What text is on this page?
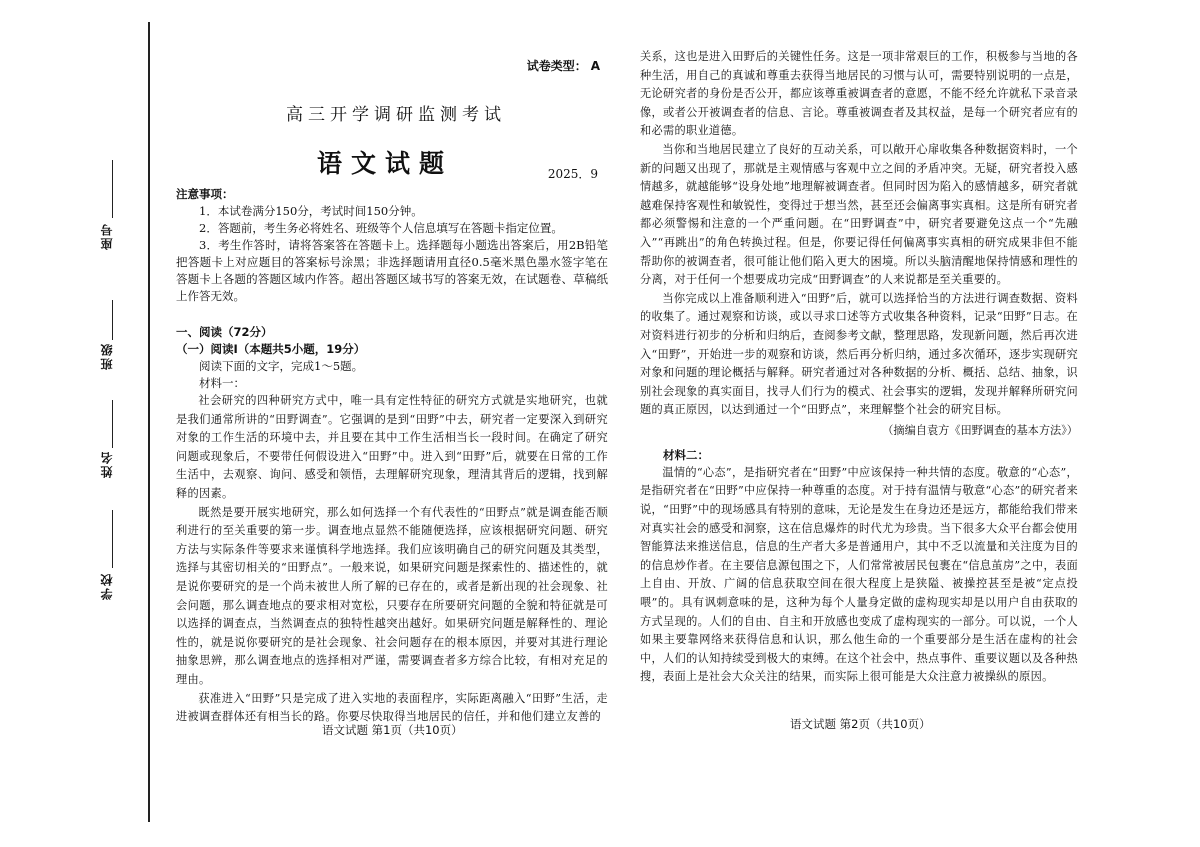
座号
班级
姓名
学校
试卷类型： A
高三开学调研监测考试
语文试题	2025．9
注意事项：

1．本试卷满分150分，考试时间150分钟。

2．答题前，考生务必将姓名、班级等个人信息填写在答题卡指定位置。

3．考生作答时，请将答案答在答题卡上。选择题每小题选出答案后，用2B铅笔把答题卡上对应题目的答案标号涂黑；非选择题请用直径0.5毫米黑色墨水签字笔在答题卡上各题的答题区域内作答。超出答题区域书写的答案无效，在试题卷、草稿纸上作答无效。

一、阅读（72分）
（一）阅读Ⅰ（本题共5小题，19分）
阅读下面的文字，完成1～5题。
材料一：

社会研究的四种研究方式中，唯一具有定性特征的研究方式就是实地研究，也就是我们通常所讲的“田野调查”。它强调的是到“田野”中去，研究者一定要深入到研究对象的工作生活的环境中去，并且要在其中工作生活相当长一段时间。在确定了研究问题或现象后，不要带任何假设进入“田野”中。进入到“田野”后，就要在日常的工作生活中，去观察、询问、感受和领悟，去理解研究现象，理清其背后的逻辑，找到解释的因素。

既然是要开展实地研究，那么如何选择一个有代表性的“田野点”就是调查能否顺利进行的至关重要的第一步。调查地点显然不能随便选择，应该根据研究问题、研究方法与实际条件等要求来谨慎科学地选择。我们应该明确自己的研究问题及其类型，选择与其密切相关的“田野点”。一般来说，如果研究问题是探索性的、描述性的，就是说你要研究的是一个尚未被世人所了解的已存在的，或者是新出现的社会现象、社会问题，那么调查地点的要求相对宽松，只要存在所要研究问题的全貌和特征就是可以选择的调查点，当然调查点的独特性越突出越好。如果研究问题是解释性的、理论性的，就是说你要研究的是社会现象、社会问题存在的根本原因，并要对其进行理论抽象思辨，那么调查地点的选择相对严谨，需要调查者多方综合比较，有相对充足的理由。

获准进入“田野”只是完成了进入实地的表面程序，实际距离融入“田野”生活，走进被调查群体还有相当长的路。你要尽快取得当地居民的信任，并和他们建立友善的

关系，这也是进入田野后的关键性任务。这是一项非常艰巨的工作，积极参与当地的各种生活，用自己的真诚和尊重去获得当地居民的习惯与认可，需要特别说明的一点是，无论研究者的身份是否公开，都应该尊重被调查者的意愿，不能不经允许就私下录音录像，或者公开被调查者的信息、言论。尊重被调查者及其权益，是每一个研究者应有的和必需的职业道德。

当你和当地居民建立了良好的互动关系，可以敞开心扉收集各种数据资料时，一个新的问题又出现了，那就是主观情感与客观中立之间的矛盾冲突。无疑，研究者投入感情越多，就越能够“设身处地”地理解被调查者。但同时因为陷入的感情越多，研究者就越难保持客观性和敏锐性，变得过于想当然，甚至还会偏离事实真相。这是所有研究者都必须警惕和注意的一个严重问题。在“田野调查”中，研究者要避免这点一个“先融入”“再跳出”的角色转换过程。但是，你要记得任何偏离事实真相的研究成果非但不能帮助你的被调查者，很可能让他们陷入更大的困境。所以头脑清醒地保持情感和理性的分离，对于任何一个想要成功完成“田野调查”的人来说都是至关重要的。

当你完成以上准备顺利进入“田野”后，就可以选择恰当的方法进行调查数据、资料的收集了。通过观察和访谈，或以寻求口述等方式收集各种资料，记录“田野”日志。在对资料进行初步的分析和归纳后，查阅参考文献，整理思路，发现新问题，然后再次进入“田野”，开始进一步的观察和访谈，然后再分析归纳，通过多次循环，逐步实现研究对象和问题的理论概括与解释。研究者通过对各种数据的分析、概括、总结、抽象，识别社会现象的真实面目，找寻人们行为的模式、社会事实的逻辑，发现并解释所研究问题的真正原因，以达到通过一个“田野点”，来理解整个社会的研究目标。

（摘编自袁方《田野调查的基本方法》）
材料二：

温情的“心态”，是指研究者在“田野”中应该保持一种共情的态度。敬意的“心态”，是指研究者在“田野”中应保持一种尊重的态度。对于持有温情与敬意“心态”的研究者来说，“田野”中的现场感具有特别的意味，无论是发生在身边还是远方，都能给我们带来对真实社会的感受和洞察，这在信息爆炸的时代尤为珍贵。当下很多大众平台都会使用智能算法来推送信息，信息的生产者大多是普通用户，其中不乏以流量和关注度为目的的信息炒作者。在主要信息源包围之下，人们常常被居民包裹在“信息茧房”之中，表面上自由、开放、广阔的信息获取空间在很大程度上是狭隘、被操控甚至是被“定点投喂”的。具有讽刺意味的是，这种为每个人量身定做的虚构现实却是以用户自由获取的方式呈现的。人们的自由、自主和开放感也变成了虚构现实的一部分。可以说，一个人如果主要靠网络来获得信息和认识，那么他生命的一个重要部分是生活在虚构的社会中，人们的认知持续受到极大的束缚。在这个社会中，热点事件、重要议题以及各种热搜，表面上是社会大众关注的结果，而实际上很可能是大众注意力被操纵的原因。

语文试题 第1页（共10页）	语文试题 第2页（共10页）
